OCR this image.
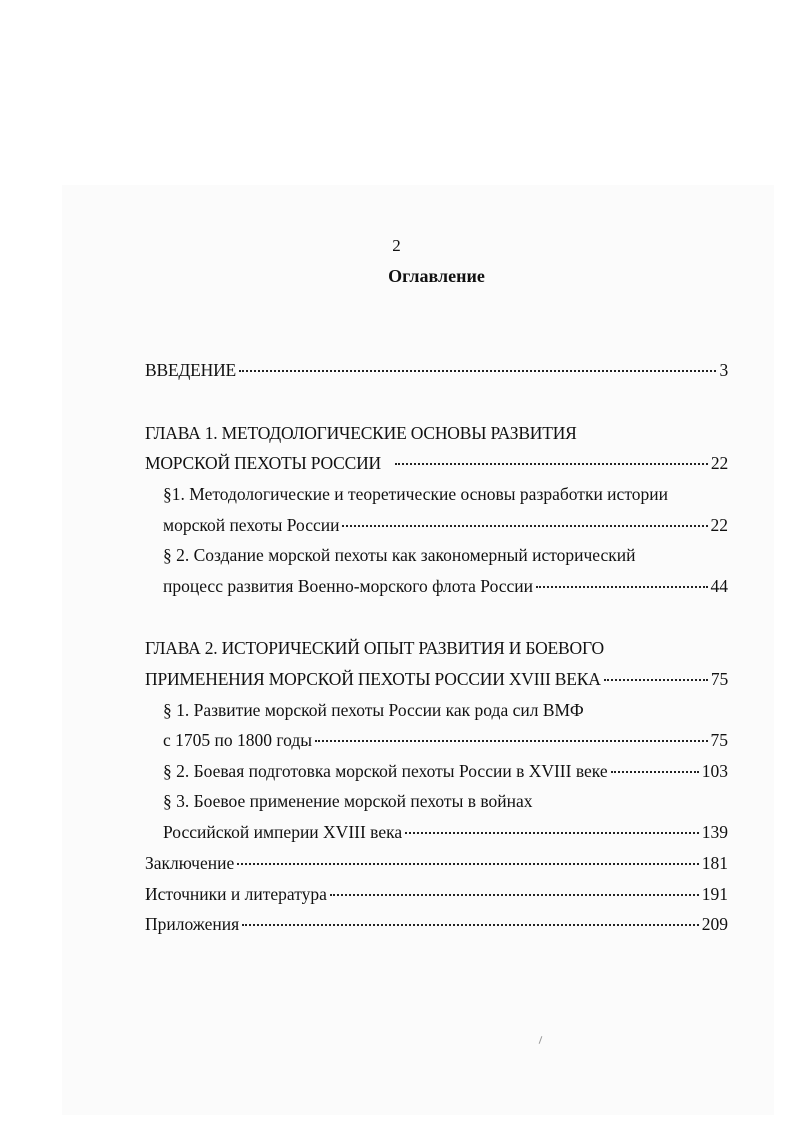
2
Оглавление
ВВЕДЕНИЕ	3
ГЛАВА 1. МЕТОДОЛОГИЧЕСКИЕ ОСНОВЫ РАЗВИТИЯ
МОРСКОЙ ПЕХОТЫ РОССИИ	22
§1. Методологические и теоретические основы разработки истории
морской пехоты России	22
§ 2. Создание морской пехоты как закономерный исторический
процесс развития Военно-морского флота России	44
ГЛАВА 2. ИСТОРИЧЕСКИЙ ОПЫТ РАЗВИТИЯ И БОЕВОГО
ПРИМЕНЕНИЯ МОРСКОЙ ПЕХОТЫ РОССИИ XVIII ВЕКА	75
§ 1. Развитие морской пехоты России как рода сил ВМФ
с 1705 по 1800 годы	75
§ 2. Боевая подготовка морской пехоты России в XVIII веке	103
§ 3. Боевое применение морской пехоты в войнах
Российской империи XVIII века	139
Заключение	181
Источники и литература	191
Приложения	209
